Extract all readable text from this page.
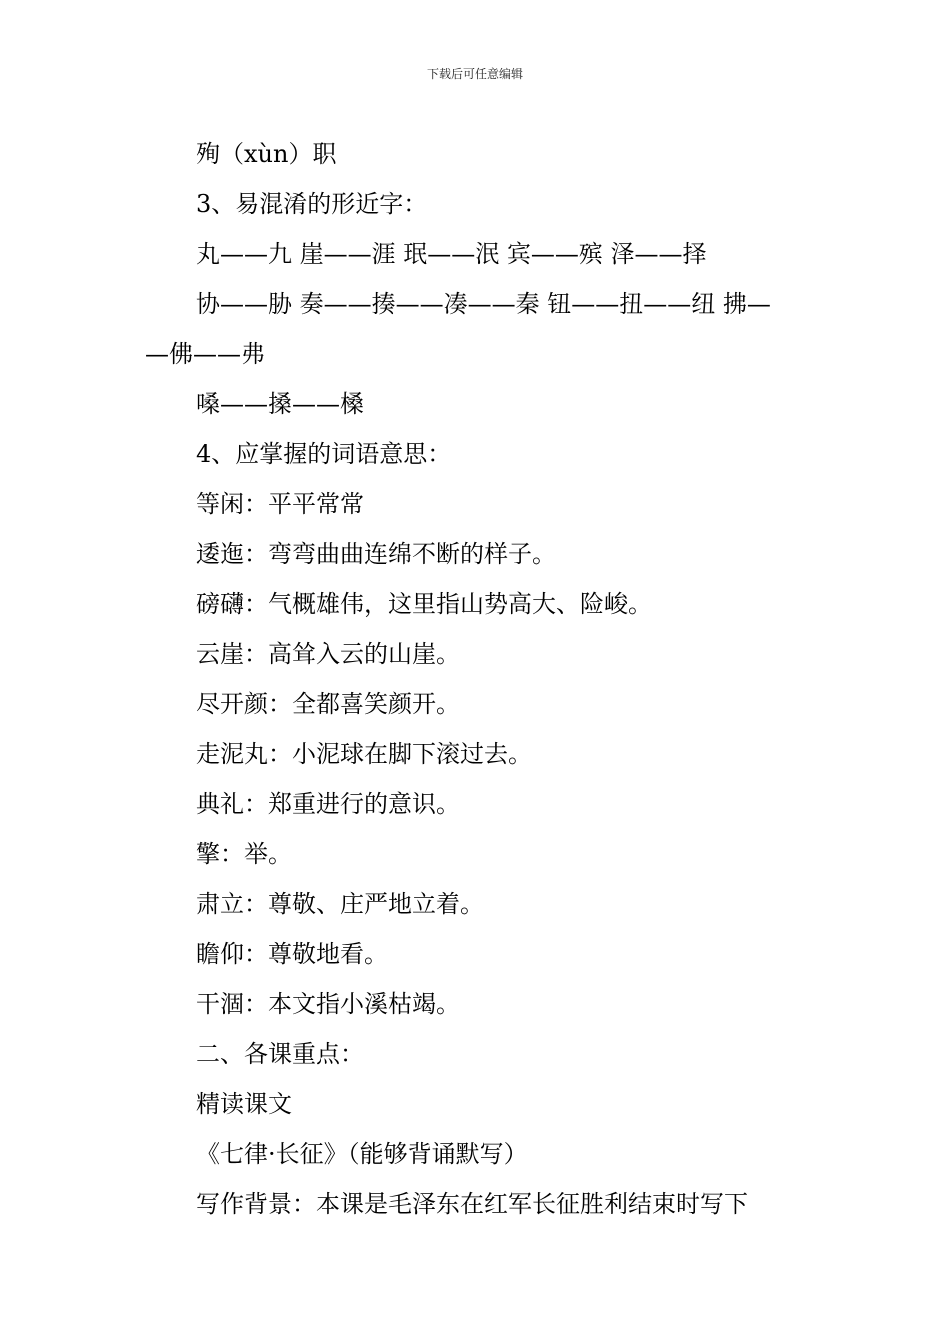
下载后可任意编辑
殉（xùn）职
3、易混淆的形近字：
丸——九 崖——涯 珉——泯 宾——殡 泽——择
协——胁 奏——揍——凑——秦 钮——扭——纽 拂—
—佛——弗
嗓——搡——槡
4、应掌握的词语意思：
等闲：平平常常
逶迤：弯弯曲曲连绵不断的样子。
磅礴：气概雄伟，这里指山势高大、险峻。
云崖：高耸入云的山崖。
尽开颜：全都喜笑颜开。
走泥丸：小泥球在脚下滚过去。
典礼：郑重进行的意识。
擎：举。
肃立：尊敬、庄严地立着。
瞻仰：尊敬地看。
干涸：本文指小溪枯竭。
二、各课重点：
精读课文
《七律·长征》（能够背诵默写）
写作背景：本课是毛泽东在红军长征胜利结束时写下
